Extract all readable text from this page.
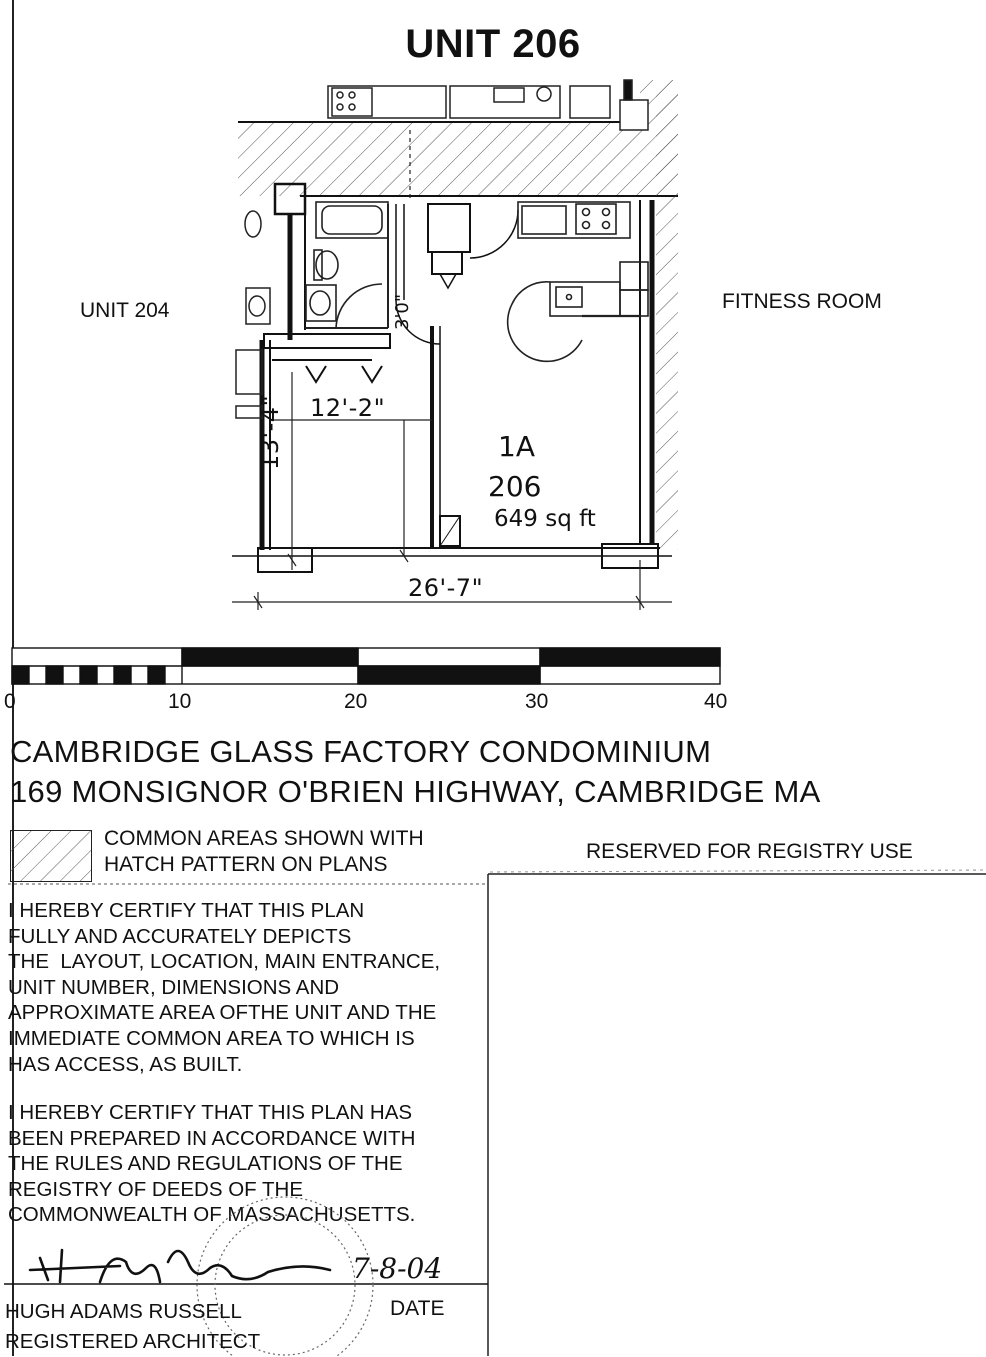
UNIT 206
UNIT 204	FITNESS ROOM
12'-2"
13'-4"
3'0"
1A
206
649 sq ft
26'-7"
0	10	20	30	40
CAMBRIDGE GLASS FACTORY CONDOMINIUM
169 MONSIGNOR O'BRIEN HIGHWAY, CAMBRIDGE MA
COMMON AREAS SHOWN WITH
HATCH PATTERN ON PLANS
RESERVED FOR REGISTRY USE
I HEREBY CERTIFY THAT THIS PLAN
FULLY AND ACCURATELY DEPICTS
THE  LAYOUT, LOCATION, MAIN ENTRANCE,
UNIT NUMBER, DIMENSIONS AND
APPROXIMATE AREA OFTHE UNIT AND THE
IMMEDIATE COMMON AREA TO WHICH IS
HAS ACCESS, AS BUILT.
I HEREBY CERTIFY THAT THIS PLAN HAS
BEEN PREPARED IN ACCORDANCE WITH
THE RULES AND REGULATIONS OF THE
REGISTRY OF DEEDS OF THE
COMMONWEALTH OF MASSACHUSETTS.
7-8-04
HUGH ADAMS RUSSELL
REGISTERED ARCHITECT
DATE
